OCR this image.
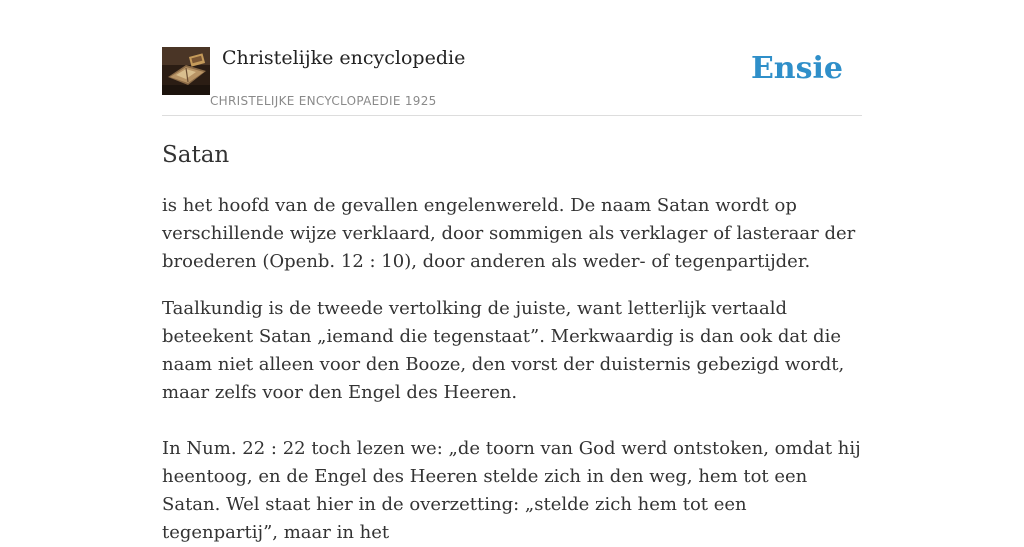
Christelijke encyclopedie
CHRISTELIJKE ENCYCLOPAEDIE 1925
Ensie
Satan

is het hoofd van de gevallen engelenwereld. De naam Satan wordt op verschillende wijze verklaard, door sommigen als verklager of lasteraar der broederen (Openb. 12 : 10), door anderen als weder- of tegenpartijder.

Taalkundig is de tweede vertolking de juiste, want letterlijk vertaald beteekent Satan „iemand die tegenstaat”. Merkwaardig is dan ook dat die naam niet alleen voor den Booze, den vorst der duisternis gebezigd wordt, maar zelfs voor den Engel des Heeren.

In Num. 22 : 22 toch lezen we: „de toorn van God werd ontstoken, omdat hij heentoog, en de Engel des Heeren stelde zich in den weg, hem tot een Satan. Wel staat hier in de overzetting: „stelde zich hem tot een tegenpartij”, maar in het
